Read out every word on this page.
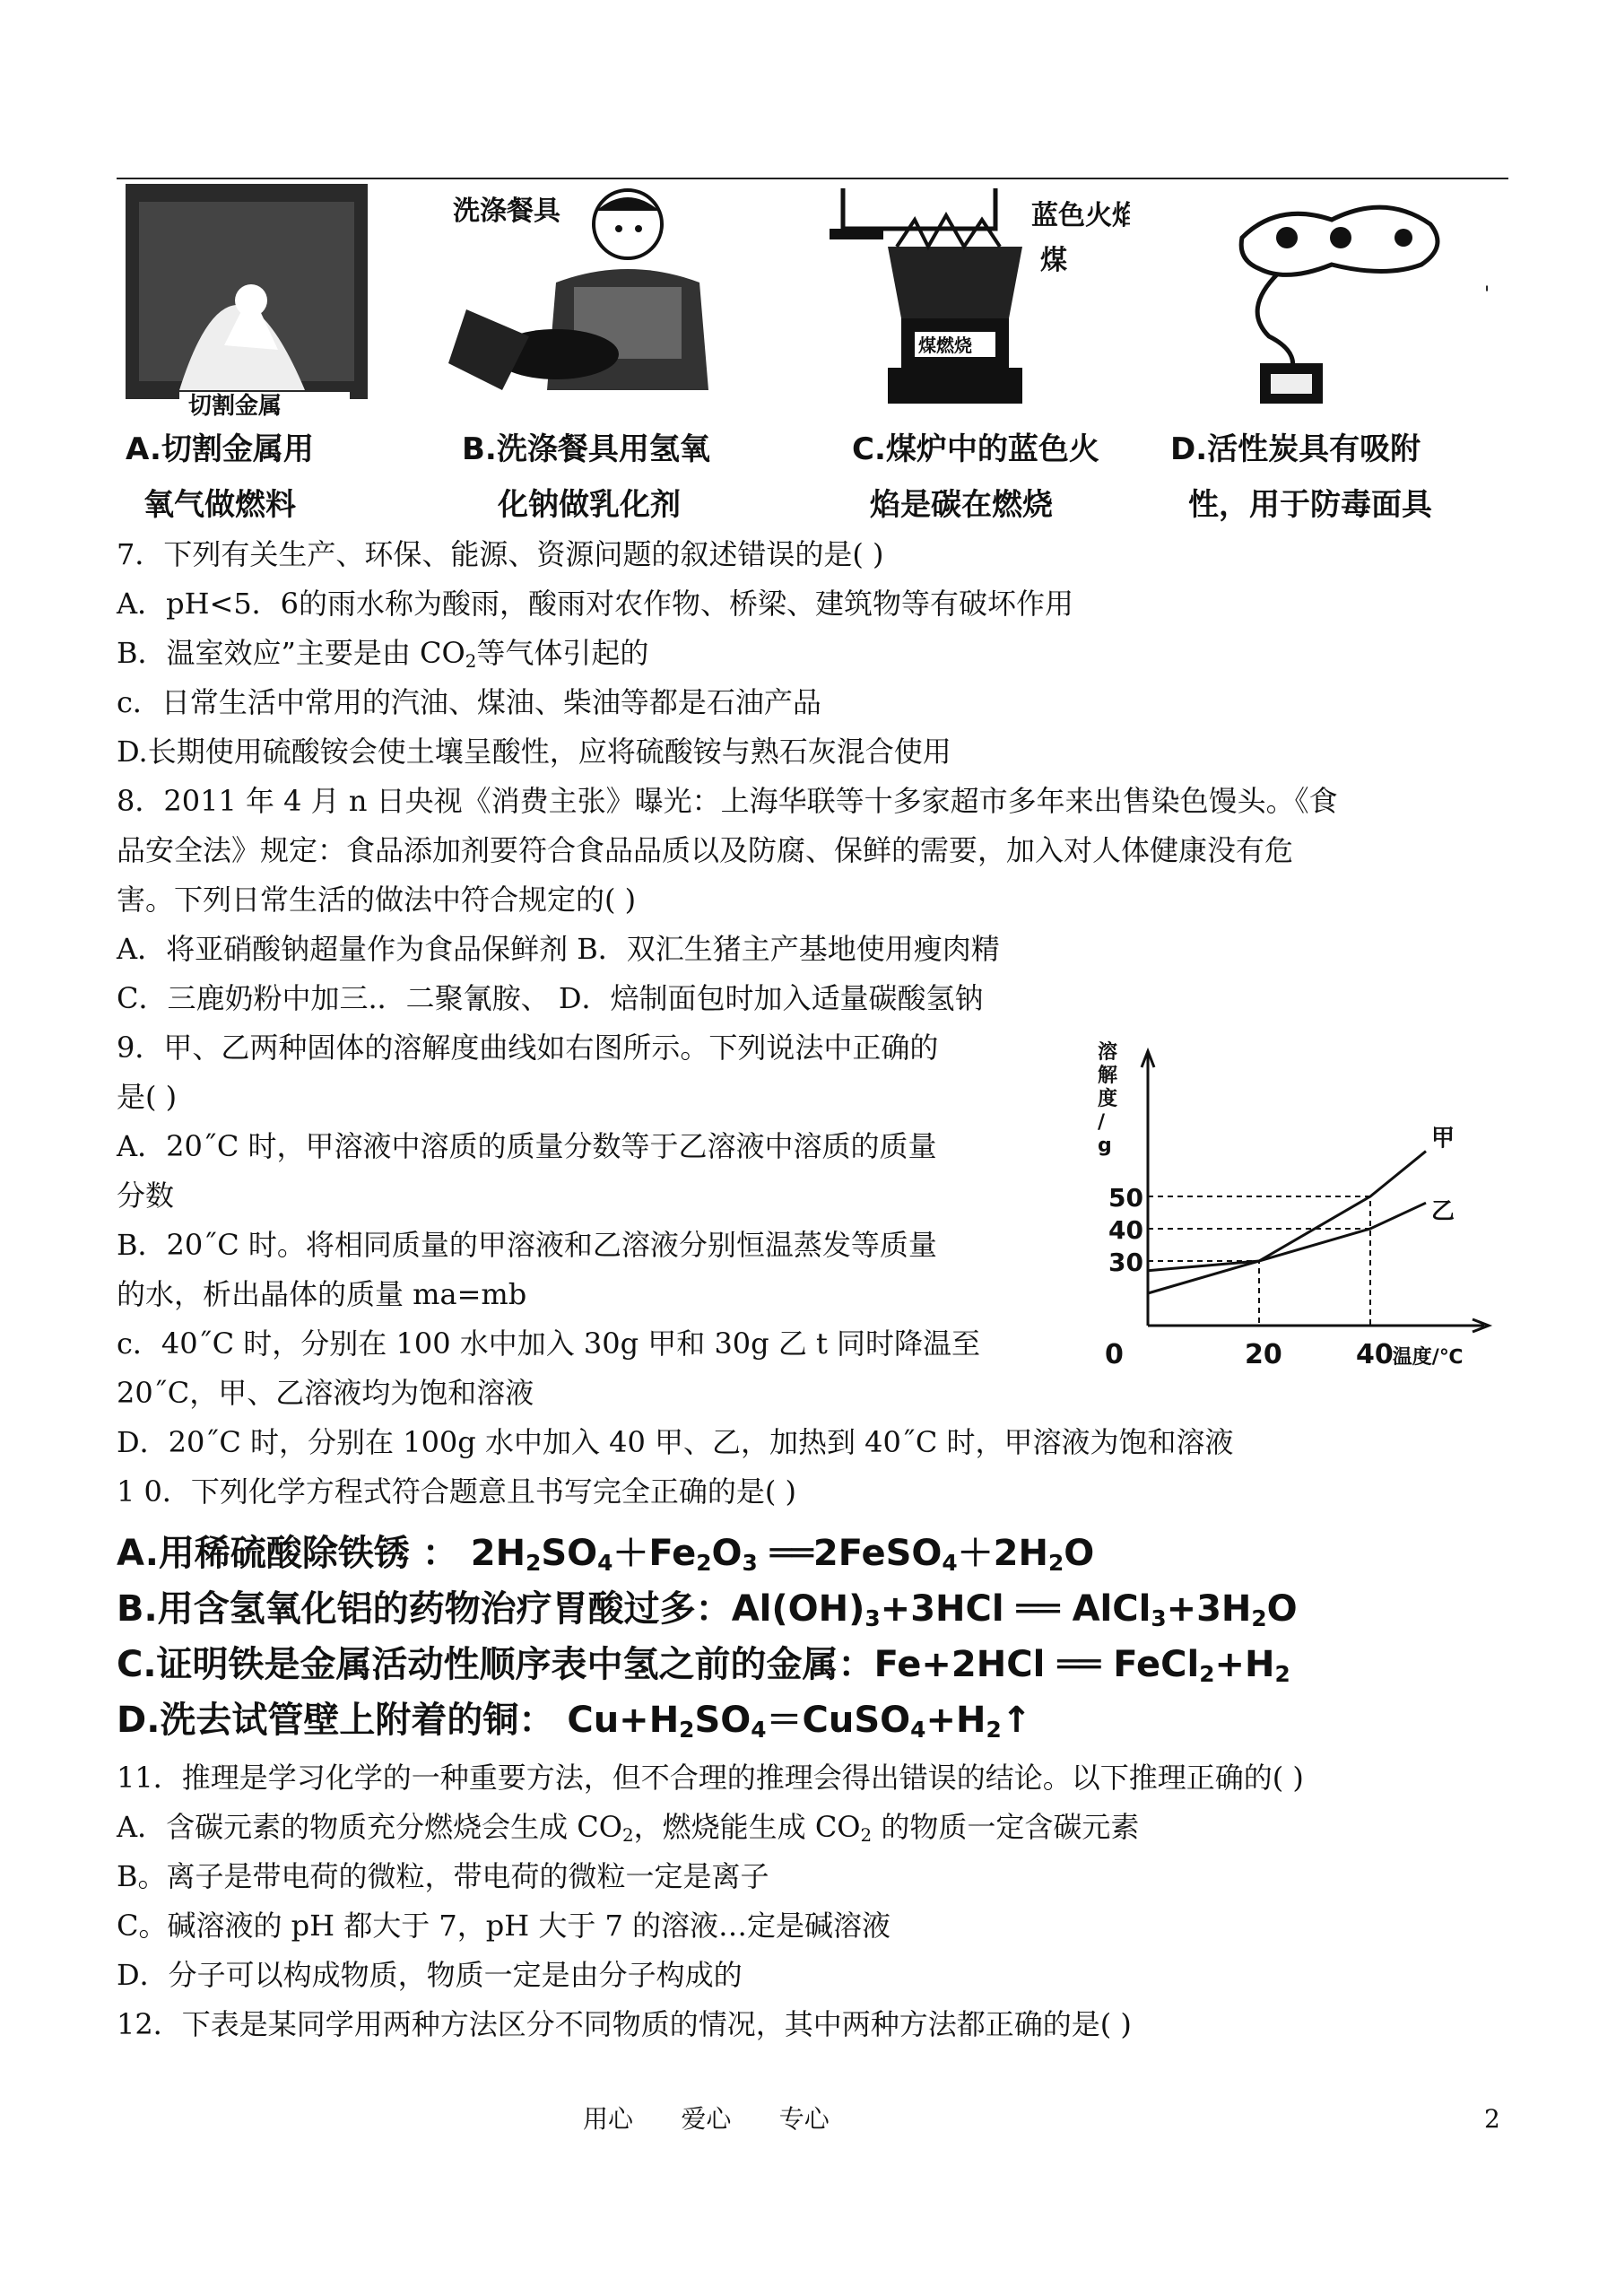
切割金属
洗涤餐具
煤燃烧
蓝色火焰
煤
'
A.切割金属用
氧气做燃料
B.洗涤餐具用氢氧
化钠做乳化剂
C.煤炉中的蓝色火
焰是碳在燃烧
D.活性炭具有吸附
性，用于防毒面具
7．下列有关生产、环保、能源、资源问题的叙述错误的是( )
A．pH<5．6的雨水称为酸雨，酸雨对农作物、桥梁、建筑物等有破坏作用
B．温室效应”主要是由 $CO_2$等气体引起的
c．日常生活中常用的汽油、煤油、柴油等都是石油产品
D.长期使用硫酸铵会使土壤呈酸性，应将硫酸铵与熟石灰混合使用
8．2011 年 4 月 n 日央视《消费主张》曝光：上海华联等十多家超市多年来出售染色馒头。《食
品安全法》规定：食品添加剂要符合食品品质以及防腐、保鲜的需要，加入对人体健康没有危
害。下列日常生活的做法中符合规定的( )
A．将亚硝酸钠超量作为食品保鲜剂 B．双汇生猪主产基地使用瘦肉精
C．三鹿奶粉中加三.．二聚氰胺、 D．焙制面包时加入适量碳酸氢钠
9．甲、乙两种固体的溶解度曲线如右图所示。下列说法中正确的
是( )
A．20˝C 时，甲溶液中溶质的质量分数等于乙溶液中溶质的质量
分数
B．20˝C 时。将相同质量的甲溶液和乙溶液分别恒温蒸发等质量
的水，析出晶体的质量 ma=mb
c．40˝C 时，分别在 100 水中加入 30g 甲和 30g 乙 t 同时降温至
20˝C，甲、乙溶液均为饱和溶液
D．20˝C 时，分别在 100g 水中加入 40 甲、乙，加热到 40˝C 时，甲溶液为饱和溶液
溶解度/ g
温度/℃
0	20	40
30
40
50
甲
乙
1 0．下列化学方程式符合题意且书写完全正确的是( )
A.用稀硫酸除铁锈 ： $2H_2SO_4+Fe_2O_3$ $══2FeSO_4+2H_2O$
B.用含氢氧化铝的药物治疗胃酸过多：$Al(OH)_3+3HCl$ ══ $AlCl_3+3H_2O$
C.证明铁是金属活动性顺序表中氢之前的金属：Fe+2HCl ══ $FeCl_2+H_2$
D.洗去试管壁上附着的铜： $Cu+H_2SO_4=CuSO_4+H_2↑$
11．推理是学习化学的一种重要方法，但不合理的推理会得出错误的结论。以下推理正确的( )
A．含碳元素的物质充分燃烧会生成 $CO_2$，燃烧能生成 $CO_2$ 的物质一定含碳元素
B。离子是带电荷的微粒，带电荷的微粒一定是离子
C。碱溶液的 pH 都大于 7，pH 大于 7 的溶液…定是碱溶液
D．分子可以构成物质，物质一定是由分子构成的
12．下表是某同学用两种方法区分不同物质的情况，其中两种方法都正确的是( )
用心      爱心      专心	2
